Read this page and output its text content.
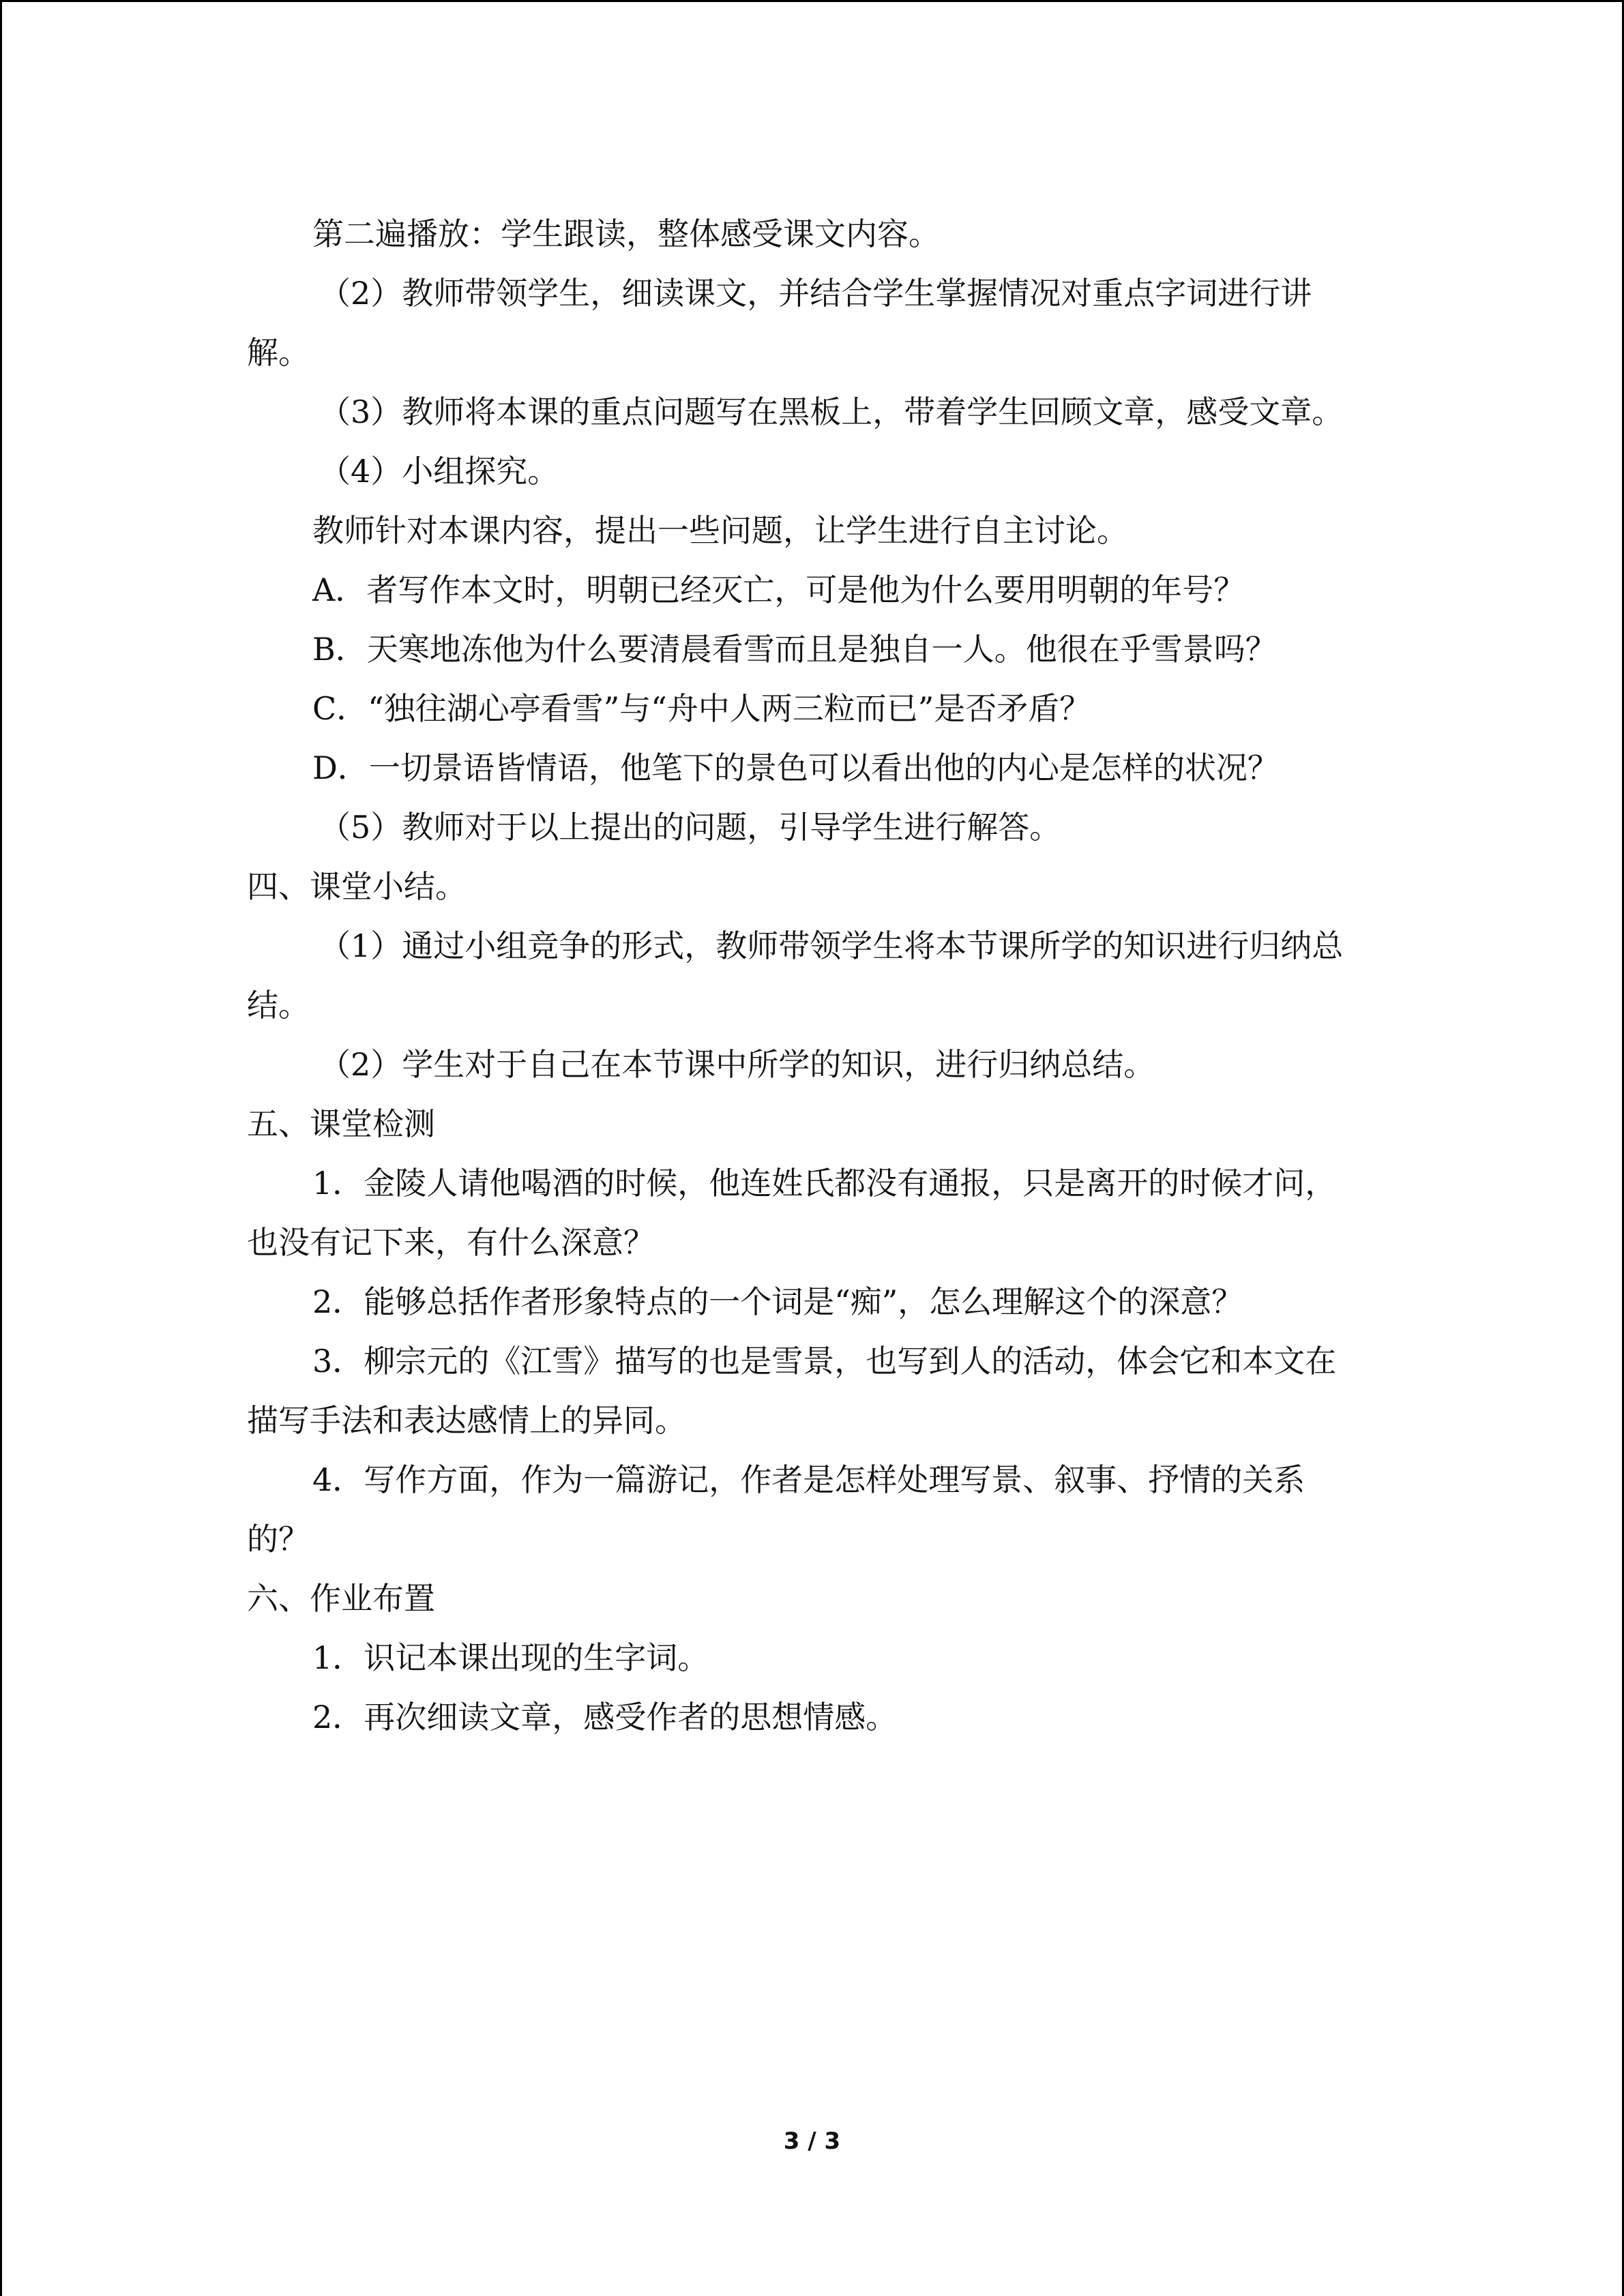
第二遍播放：学生跟读，整体感受课文内容。

（2）教师带领学生，细读课文，并结合学生掌握情况对重点字词进行讲

解。

（3）教师将本课的重点问题写在黑板上，带着学生回顾文章，感受文章。

（4）小组探究。

教师针对本课内容，提出一些问题，让学生进行自主讨论。

A．者写作本文时，明朝已经灭亡，可是他为什么要用明朝的年号？

B．天寒地冻他为什么要清晨看雪而且是独自一人。他很在乎雪景吗？

C．“独往湖心亭看雪”与“舟中人两三粒而已”是否矛盾？

D．一切景语皆情语，他笔下的景色可以看出他的内心是怎样的状况？

（5）教师对于以上提出的问题，引导学生进行解答。

四、课堂小结。

（1）通过小组竞争的形式，教师带领学生将本节课所学的知识进行归纳总

结。

（2）学生对于自己在本节课中所学的知识，进行归纳总结。

五、课堂检测

1．金陵人请他喝酒的时候，他连姓氏都没有通报，只是离开的时候才问，

也没有记下来，有什么深意？

2．能够总括作者形象特点的一个词是“痴”，怎么理解这个的深意？

3．柳宗元的《江雪》描写的也是雪景，也写到人的活动，体会它和本文在

描写手法和表达感情上的异同。

4．写作方面，作为一篇游记，作者是怎样处理写景、叙事、抒情的关系

的？

六、作业布置

1．识记本课出现的生字词。

2．再次细读文章，感受作者的思想情感。

3 / 3
